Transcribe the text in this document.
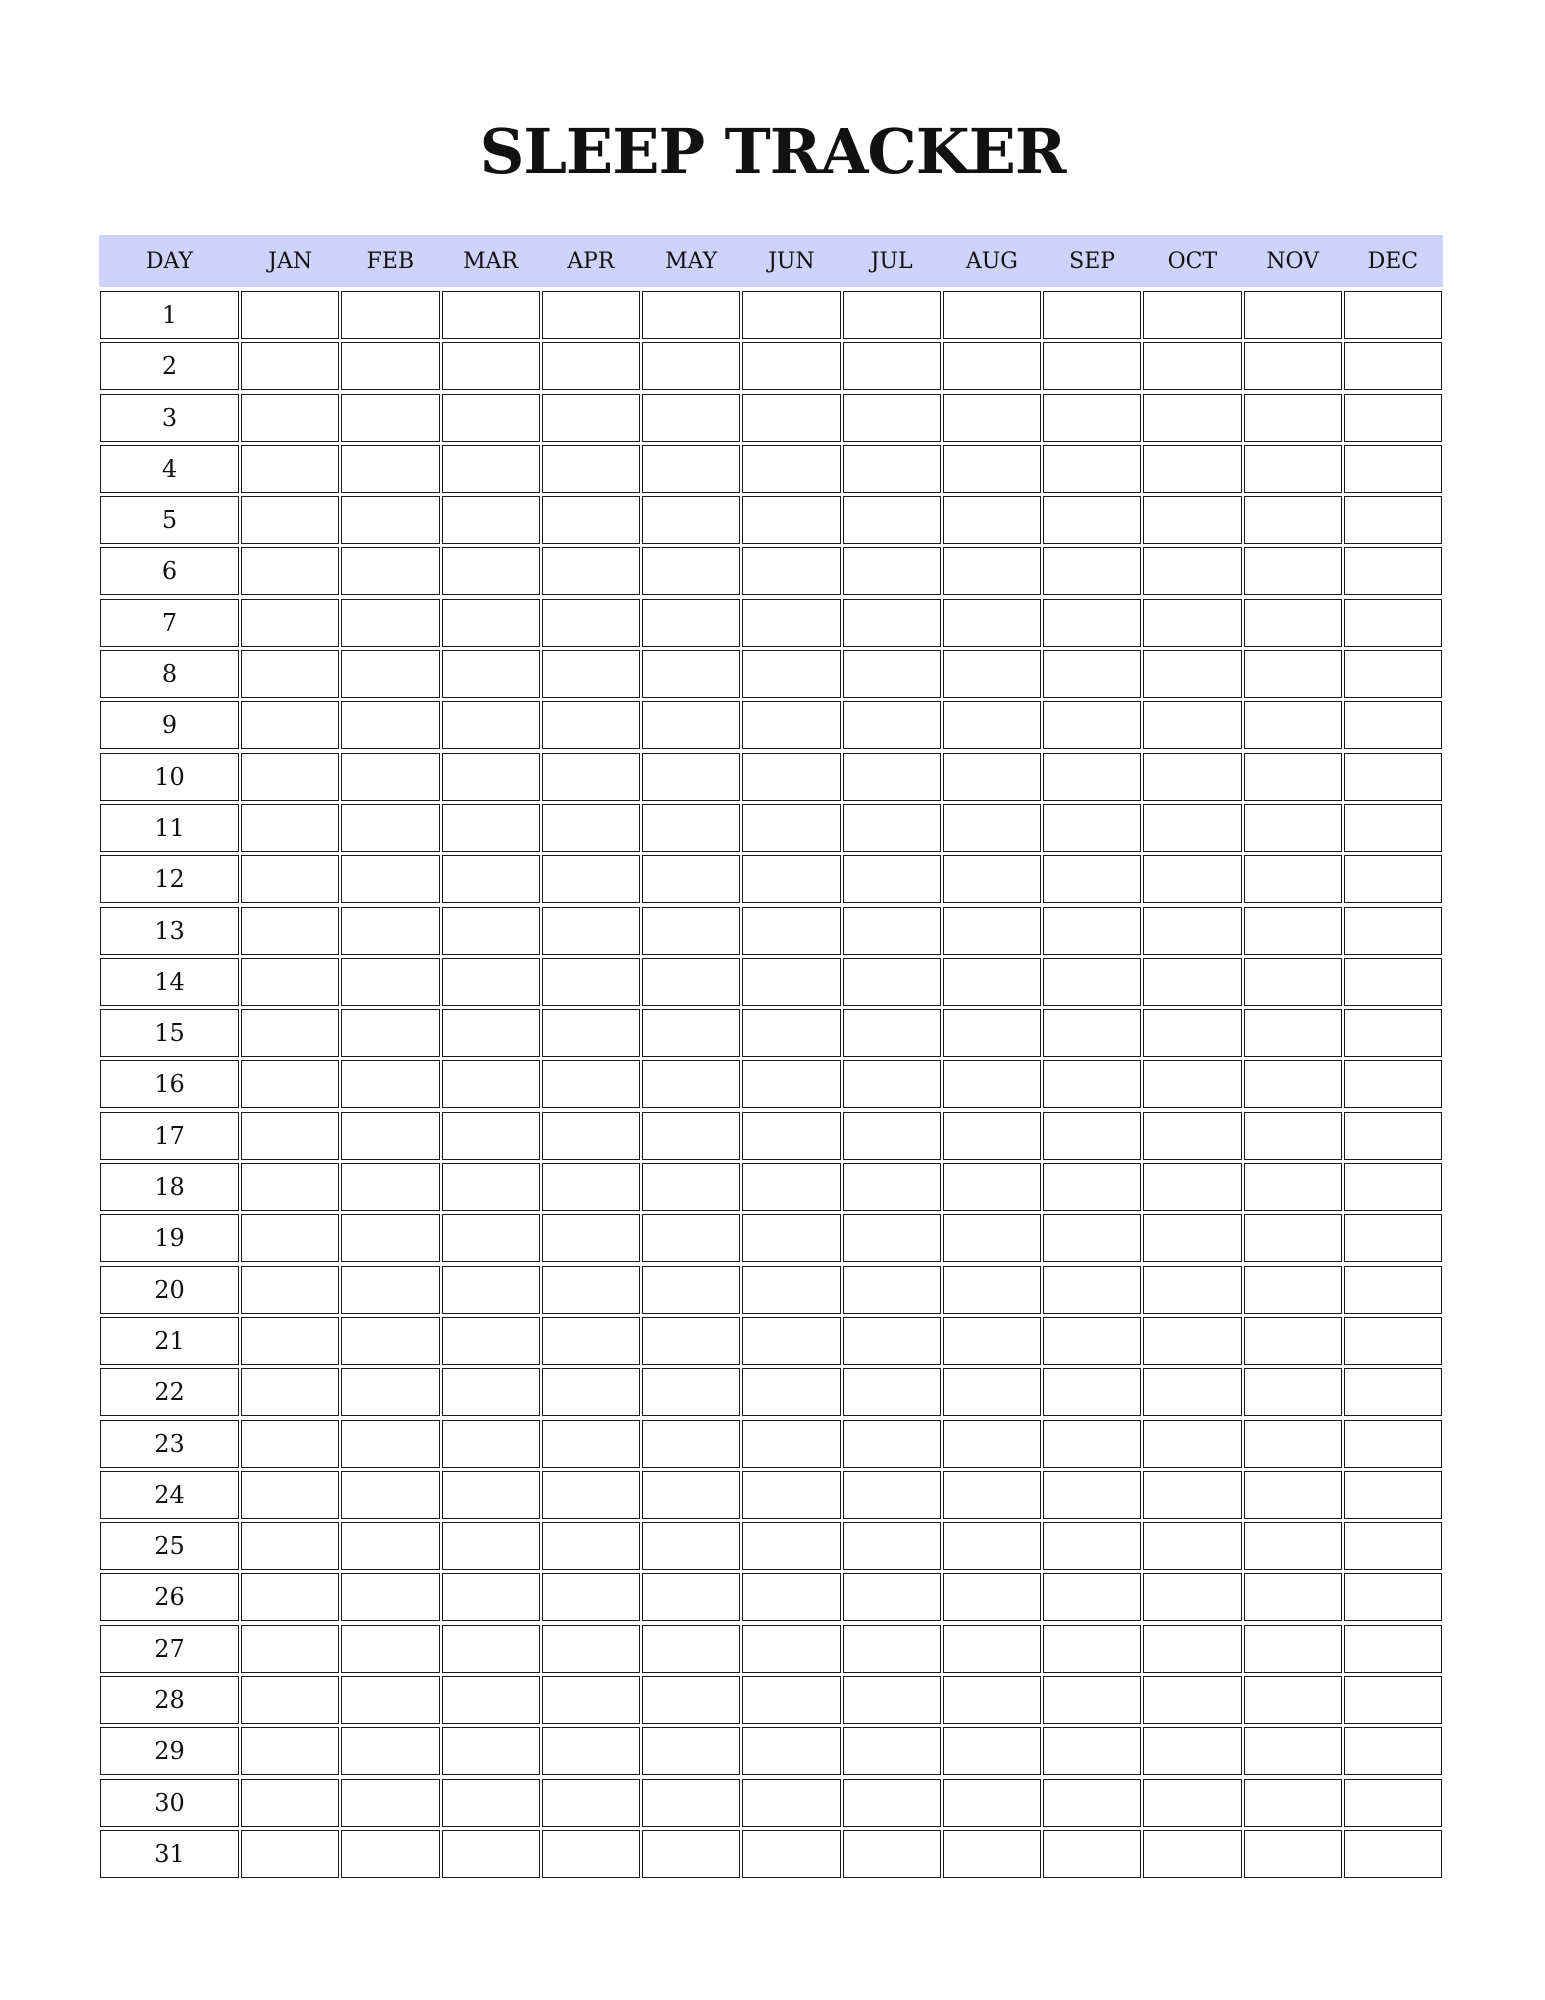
SLEEP TRACKER
DAY	JAN	FEB	MAR	APR	MAY	JUN	JUL	AUG	SEP	OCT	NOV	DEC
1
2
3
4
5
6
7
8
9
10
11
12
13
14
15
16
17
18
19
20
21
22
23
24
25
26
27
28
29
30
31
